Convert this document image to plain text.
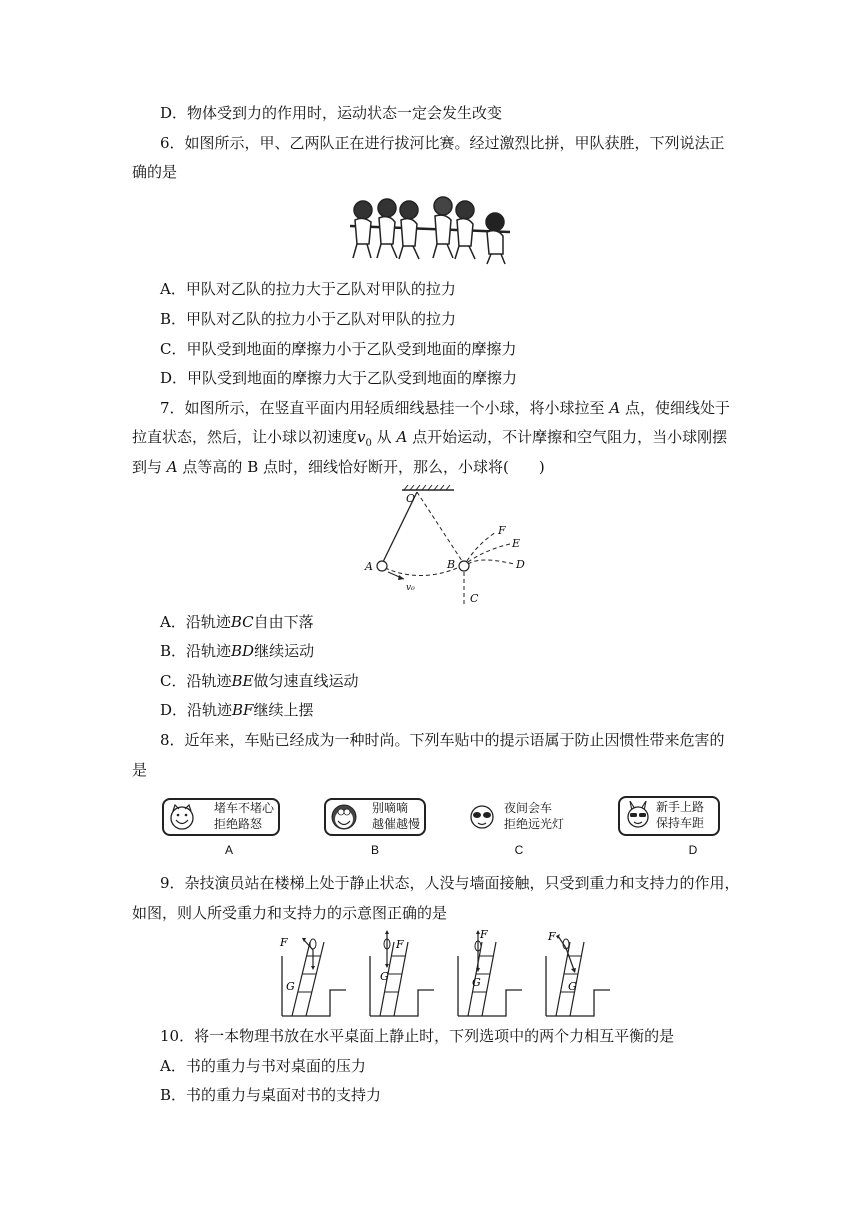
D．物体受到力的作用时，运动状态一定会发生改变
6．如图所示，甲、乙两队正在进行拔河比赛。经过激烈比拼，甲队获胜，下列说法正
确的是
A．甲队对乙队的拉力大于乙队对甲队的拉力
B．甲队对乙队的拉力小于乙队对甲队的拉力
C．甲队受到地面的摩擦力小于乙队受到地面的摩擦力
D．甲队受到地面的摩擦力大于乙队受到地面的摩擦力
7．如图所示，在竖直平面内用轻质细线悬挂一个小球，将小球拉至 A 点，使细线处于
拉直状态，然后，让小球以初速度$v_0$ 从 A 点开始运动，不计摩擦和空气阻力，当小球刚摆
到与 A 点等高的 B 点时，细线恰好断开，那么，小球将(　　)
O
A	B
C
D
E
F
v₀
A．沿轨迹BC自由下落
B．沿轨迹BD继续运动
C．沿轨迹BE做匀速直线运动
D．沿轨迹BF继续上摆
8．近年来，车贴已经成为一种时尚。下列车贴中的提示语属于防止因惯性带来危害的
是
堵车不堵心
拒绝路怒
A
别嘀嘀
越催越慢
B
夜间会车
拒绝远光灯
C
新手上路
保持车距
D
9．杂技演员站在楼梯上处于静止状态，人没与墙面接触，只受到重力和支持力的作用，
如图，则人所受重力和支持力的示意图正确的是
F
G
F
G
F
G
F
G
10．将一本物理书放在水平桌面上静止时，下列选项中的两个力相互平衡的是
A．书的重力与书对桌面的压力
B．书的重力与桌面对书的支持力
